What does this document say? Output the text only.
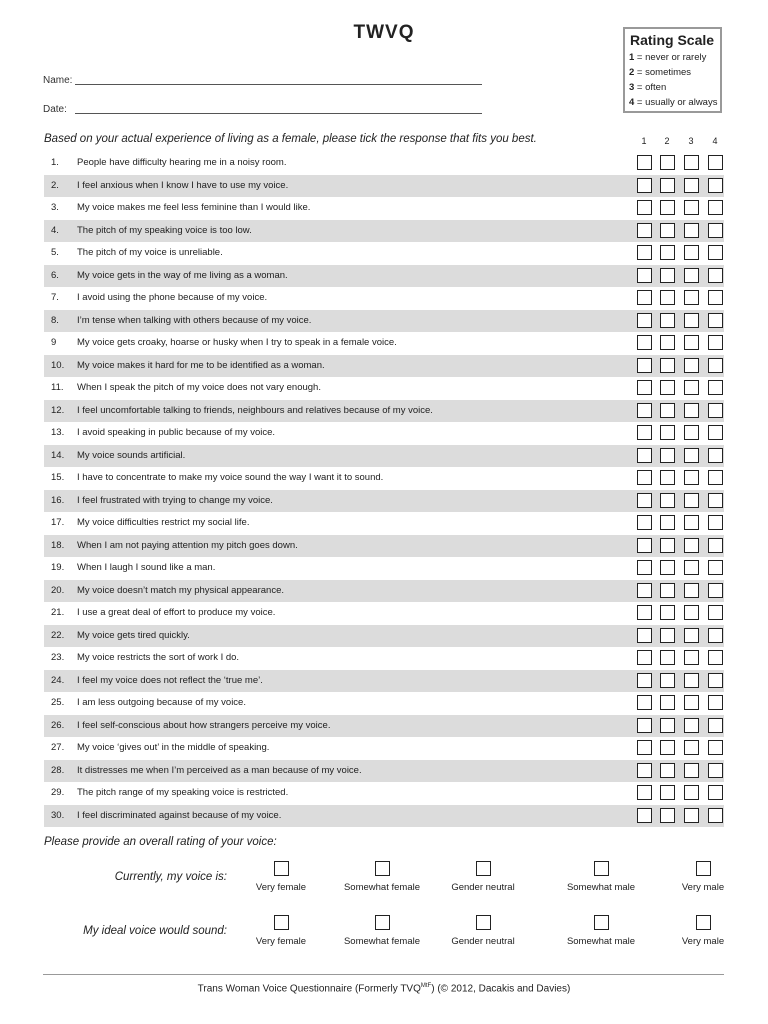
TWVQ
Name:
Date:
Rating Scale
1 = never or rarely
2 = sometimes
3 = often
4 = usually or always
Based on your actual experience of living as a female, please tick the response that fits you best.	1	2	3	4
1. People have difficulty hearing me in a noisy room.
2. I feel anxious when I know I have to use my voice.
3. My voice makes me feel less feminine than I would like.
4. The pitch of my speaking voice is too low.
5. The pitch of my voice is unreliable.
6. My voice gets in the way of me living as a woman.
7. I avoid using the phone because of my voice.
8. I’m tense when talking with others because of my voice.
9 My voice gets croaky, hoarse or husky when I try to speak in a female voice.
10. My voice makes it hard for me to be identified as a woman.
11. When I speak the pitch of my voice does not vary enough.
12. I feel uncomfortable talking to friends, neighbours and relatives because of my voice.
13. I avoid speaking in public because of my voice.
14. My voice sounds artificial.
15. I have to concentrate to make my voice sound the way I want it to sound.
16. I feel frustrated with trying to change my voice.
17. My voice difficulties restrict my social life.
18. When I am not paying attention my pitch goes down.
19. When I laugh I sound like a man.
20. My voice doesn’t match my physical appearance.
21. I use a great deal of effort to produce my voice.
22. My voice gets tired quickly.
23. My voice restricts the sort of work I do.
24. I feel my voice does not reflect the ‘true me’.
25. I am less outgoing because of my voice.
26. I feel self-conscious about how strangers perceive my voice.
27. My voice ‘gives out’ in the middle of speaking.
28. It distresses me when I’m perceived as a man because of my voice.
29. The pitch range of my speaking voice is restricted.
30. I feel discriminated against because of my voice.
Please provide an overall rating of your voice:
Currently, my voice is:
My ideal voice would sound:
Very female	Somewhat female	Gender neutral	Somewhat male	Very male
Very female	Somewhat female	Gender neutral	Somewhat male	Very male
Trans Woman Voice Questionnaire (Formerly $TVQ^{MtF}$) (© 2012, Dacakis and Davies)
